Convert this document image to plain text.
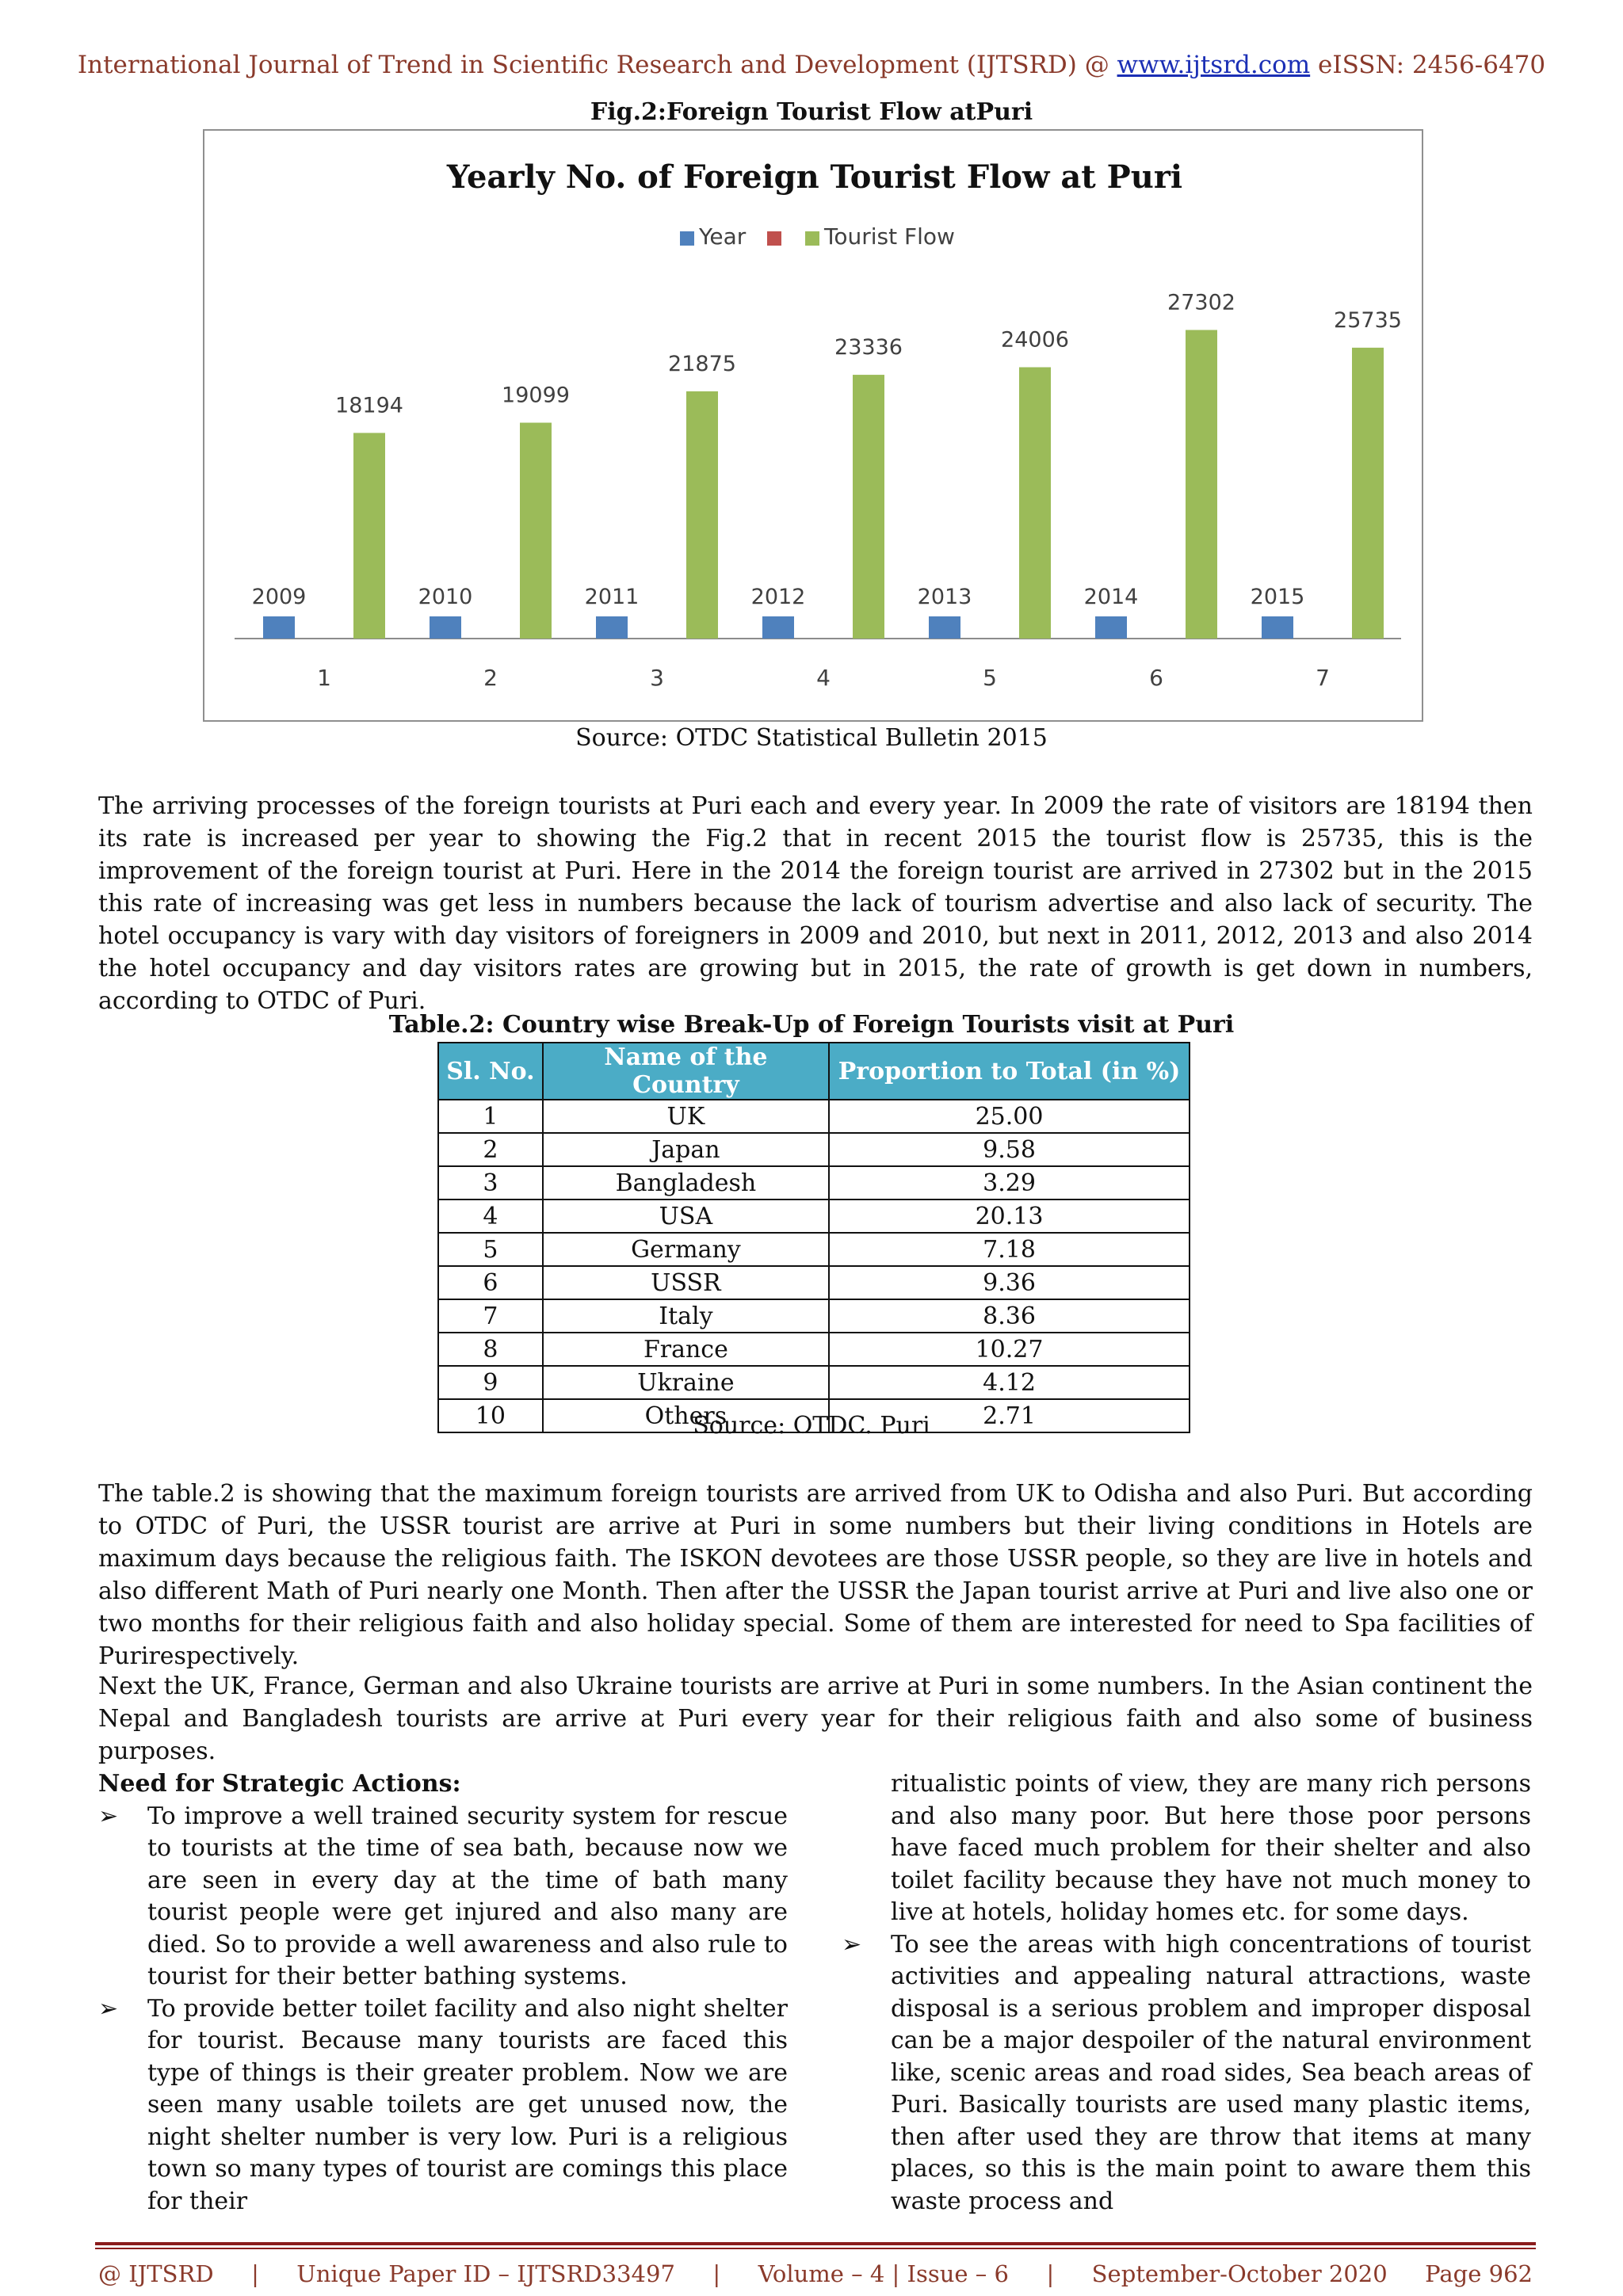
International Journal of Trend in Scientific Research and Development (IJTSRD) @ www.ijtsrd.com eISSN: 2456-6470
Fig.2:Foreign Tourist Flow atPuri
Yearly No. of Foreign Tourist Flow at Puri
Year	Tourist Flow
2009
18194
1
2010
19099
2
2011
21875
3
2012
23336
4
2013
24006
5
2014
27302
6
2015
25735
7
Source: OTDC Statistical Bulletin 2015
The arriving processes of the foreign tourists at Puri each and every year. In 2009 the rate of visitors are 18194 then its rate is increased per year to showing the Fig.2 that in recent 2015 the tourist flow is 25735, this is the improvement of the foreign tourist at Puri. Here in the 2014 the foreign tourist are arrived in 27302 but in the 2015 this rate of increasing was get less in numbers because the lack of tourism advertise and also lack of security. The hotel occupancy is vary with day visitors of foreigners in 2009 and 2010, but next in 2011, 2012, 2013 and also 2014 the hotel occupancy and day visitors rates are growing but in 2015, the rate of growth is get down in numbers, according to OTDC of Puri.
Table.2: Country wise Break-Up of Foreign Tourists visit at Puri
Sl. No.	Name of the Country	Proportion to Total (in %)
1	UK	25.00
2	Japan	9.58
3	Bangladesh	3.29
4	USA	20.13
5	Germany	7.18
6	USSR	9.36
7	Italy	8.36
8	France	10.27
9	Ukraine	4.12
10	Others	2.71
Source: OTDC. Puri
The table.2 is showing that the maximum foreign tourists are arrived from UK to Odisha and also Puri. But according to OTDC of Puri, the USSR tourist are arrive at Puri in some numbers but their living conditions in Hotels are maximum days because the religious faith. The ISKON devotees are those USSR people, so they are live in hotels and also different Math of Puri nearly one Month. Then after the USSR the Japan tourist arrive at Puri and live also one or two months for their religious faith and also holiday special. Some of them are interested for need to Spa facilities of Purirespectively.
Next the UK, France, German and also Ukraine tourists are arrive at Puri in some numbers. In the Asian continent the Nepal and Bangladesh tourists are arrive at Puri every year for their religious faith and also some of business purposes.
Need for Strategic Actions:
➢ To improve a well trained security system for rescue to tourists at the time of sea bath, because now we are seen in every day at the time of bath many tourist people were get injured and also many are died. So to provide a well awareness and also rule to tourist for their better bathing systems.
➢ To provide better toilet facility and also night shelter for tourist. Because many tourists are faced this type of things is their greater problem. Now we are seen many usable toilets are get unused now, the night shelter number is very low. Puri is a religious town so many types of tourist are comings this place for their
ritualistic points of view, they are many rich persons and also many poor. But here those poor persons have faced much problem for their shelter and also toilet facility because they have not much money to live at hotels, holiday homes etc. for some days.
➢ To see the areas with high concentrations of tourist activities and appealing natural attractions, waste disposal is a serious problem and improper disposal can be a major despoiler of the natural environment like, scenic areas and road sides, Sea beach areas of Puri. Basically tourists are used many plastic items, then after used they are throw that items at many places, so this is the main point to aware them this waste process and
@ IJTSRD | Unique Paper ID – IJTSRD33497 | Volume – 4 | Issue – 6 | September-October 2020 Page 962
